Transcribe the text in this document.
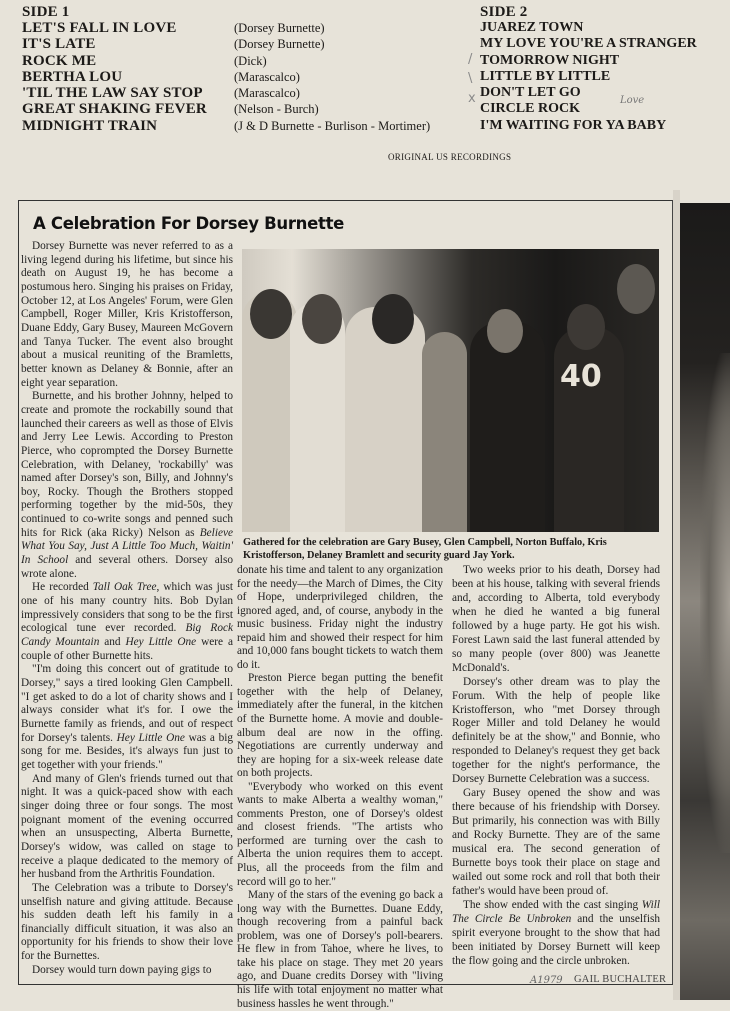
SIDE 1
LET'S FALL IN LOVE	(Dorsey Burnette)
IT'S LATE	(Dorsey Burnette)
ROCK ME	(Dick)
BERTHA LOU	(Marascalco)
'TIL THE LAW SAY STOP	(Marascalco)
GREAT SHAKING FEVER	(Nelson - Burch)
MIDNIGHT TRAIN	(J & D Burnette - Burlison - Mortimer)
SIDE 2
JUAREZ TOWN
MY LOVE YOU'RE A STRANGER
TOMORROW NIGHT
LITTLE BY LITTLE
DON'T LET GO
CIRCLE ROCK
I'M WAITING FOR YA BABY
/
\
x	Love
ORIGINAL US RECORDINGS
A Celebration For Dorsey Burnette

Dorsey Burnette was never referred to as a living legend during his lifetime, but since his death on August 19, he has become a postumous hero. Singing his praises on Friday, October 12, at Los Angeles' Forum, were Glen Campbell, Roger Miller, Kris Kristofferson, Duane Eddy, Gary Busey, Maureen McGovern and Tanya Tucker. The event also brought about a musical reuniting of the Bramletts, better known as Delaney & Bonnie, after an eight year separation.

Burnette, and his brother Johnny, helped to create and promote the rockabilly sound that launched their careers as well as those of Elvis and Jerry Lee Lewis. According to Preston Pierce, who coprompted the Dorsey Burnette Celebration, with Delaney, 'rockabilly' was named after Dorsey's son, Billy, and Johnny's boy, Rocky. Though the Brothers stopped performing together by the mid-50s, they continued to co-write songs and penned such hits for Rick (aka Ricky) Nelson as Believe What You Say, Just A Little Too Much, Waitin' In School and several others. Dorsey also wrote alone.

He recorded Tall Oak Tree, which was just one of his many country hits. Bob Dylan impressively considers that song to be the first ecological tune ever recorded. Big Rock Candy Mountain and Hey Little One were a couple of other Burnette hits.

"I'm doing this concert out of gratitude to Dorsey," says a tired looking Glen Campbell. "I get asked to do a lot of charity shows and I always consider what it's for. I owe the Burnette family as friends, and out of respect for Dorsey's talents. Hey Little One was a big song for me. Besides, it's always fun just to get together with your friends."

And many of Glen's friends turned out that night. It was a quick-paced show with each singer doing three or four songs. The most poignant moment of the evening occurred when an unsuspecting, Alberta Burnette, Dorsey's widow, was called on stage to receive a plaque dedicated to the memory of her husband from the Arthritis Foundation.

The Celebration was a tribute to Dorsey's unselfish nature and giving attitude. Because his sudden death left his family in a financially difficult situation, it was also an opportunity for his friends to show their love for the Burnettes.

Dorsey would turn down paying gigs to

40
Gathered for the celebration are Gary Busey, Glen Campbell, Norton Buffalo, Kris Kristofferson, Delaney Bramlett and security guard Jay York.

donate his time and talent to any organization for the needy—the March of Dimes, the City of Hope, underprivileged children, the ignored aged, and, of course, anybody in the music business. Friday night the industry repaid him and showed their respect for him and 10,000 fans bought tickets to watch them do it.

Preston Pierce began putting the benefit together with the help of Delaney, immediately after the funeral, in the kitchen of the Burnette home. A movie and double-album deal are now in the offing. Negotiations are currently underway and they are hoping for a six-week release date on both projects.

"Everybody who worked on this event wants to make Alberta a wealthy woman," comments Preston, one of Dorsey's oldest and closest friends. "The artists who performed are turning over the cash to Alberta the union requires them to accept. Plus, all the proceeds from the film and record will go to her."

Many of the stars of the evening go back a long way with the Burnettes. Duane Eddy, though recovering from a painful back problem, was one of Dorsey's poll-bearers. He flew in from Tahoe, where he lives, to take his place on stage. They met 20 years ago, and Duane credits Dorsey with "living his life with total enjoyment no matter what business hassles he went through."

Two weeks prior to his death, Dorsey had been at his house, talking with several friends and, according to Alberta, told everybody when he died he wanted a big funeral followed by a huge party. He got his wish. Forest Lawn said the last funeral attended by so many people (over 800) was Jeanette McDonald's.

Dorsey's other dream was to play the Forum. With the help of people like Kristofferson, who "met Dorsey through Roger Miller and told Delaney he would definitely be at the show," and Bonnie, who responded to Delaney's request they get back together for the night's performance, the Dorsey Burnette Celebration was a success.

Gary Busey opened the show and was there because of his friendship with Dorsey. But primarily, his connection was with Billy and Rocky Burnette. They are of the same musical era. The second generation of Burnette boys took their place on stage and wailed out some rock and roll that both their father's would have been proud of.

The show ended with the cast singing Will The Circle Be Unbroken and the unselfish spirit everyone brought to the show that had been initiated by Dorsey Burnett will keep the flow going and the circle unbroken.

A1979 GAIL BUCHALTER
